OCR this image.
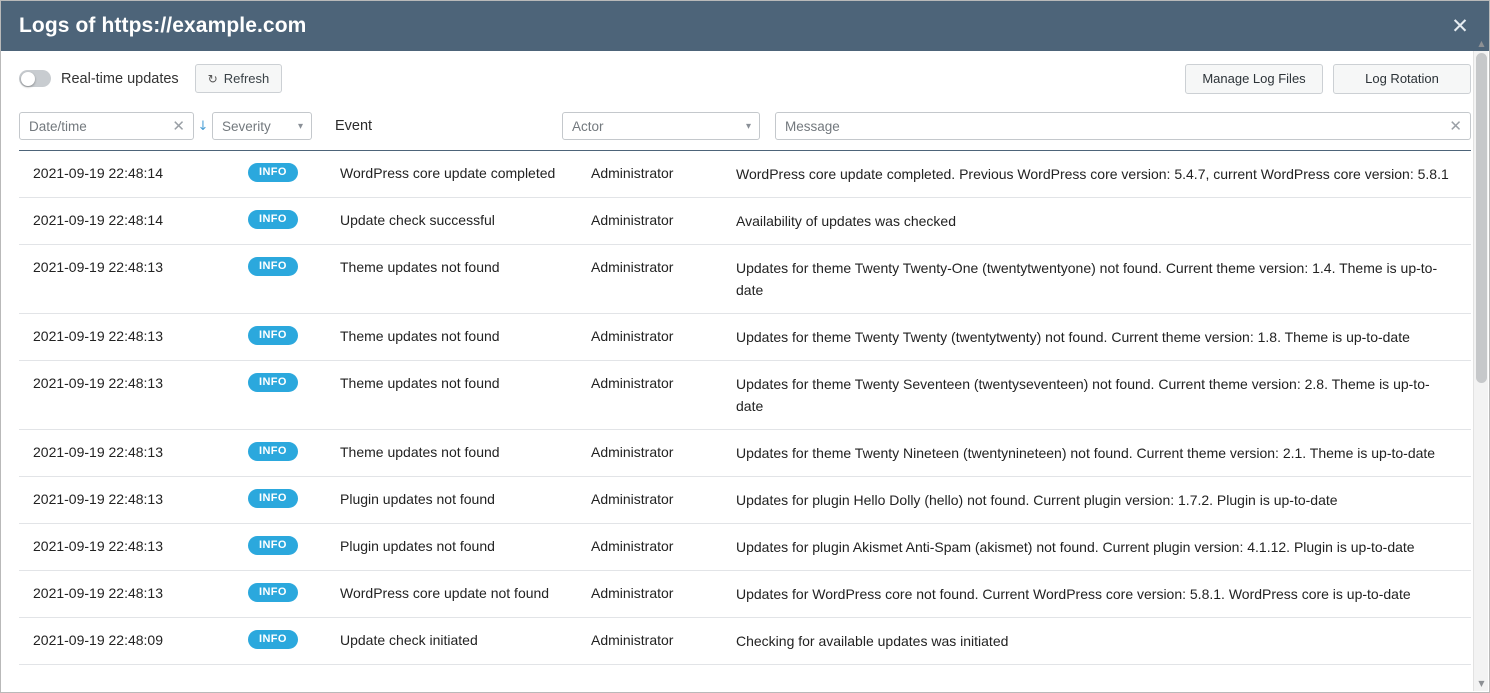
Logs of https://example.com	✕
Real-time updates ↻ Refresh	Manage Log Files	Log Rotation
Date/time	✕ ↓ Severity	▾	Event	Actor	▾	Message	✕
2021-09-19 22:48:14	INFO	WordPress core update completed	Administrator	WordPress core update completed. Previous WordPress core version: 5.4.7, current WordPress core version: 5.8.1
2021-09-19 22:48:14	INFO	Update check successful	Administrator	Availability of updates was checked
2021-09-19 22:48:13	INFO	Theme updates not found	Administrator	Updates for theme Twenty Twenty-One (twentytwentyone) not found. Current theme version: 1.4. Theme is up-to-date
2021-09-19 22:48:13	INFO	Theme updates not found	Administrator	Updates for theme Twenty Twenty (twentytwenty) not found. Current theme version: 1.8. Theme is up-to-date
2021-09-19 22:48:13	INFO	Theme updates not found	Administrator	Updates for theme Twenty Seventeen (twentyseventeen) not found. Current theme version: 2.8. Theme is up-to-date
2021-09-19 22:48:13	INFO	Theme updates not found	Administrator	Updates for theme Twenty Nineteen (twentynineteen) not found. Current theme version: 2.1. Theme is up-to-date
2021-09-19 22:48:13	INFO	Plugin updates not found	Administrator	Updates for plugin Hello Dolly (hello) not found. Current plugin version: 1.7.2. Plugin is up-to-date
2021-09-19 22:48:13	INFO	Plugin updates not found	Administrator	Updates for plugin Akismet Anti-Spam (akismet) not found. Current plugin version: 4.1.12. Plugin is up-to-date
2021-09-19 22:48:13	INFO	WordPress core update not found	Administrator	Updates for WordPress core not found. Current WordPress core version: 5.8.1. WordPress core is up-to-date
2021-09-19 22:48:09	INFO	Update check initiated	Administrator	Checking for available updates was initiated
▲
▼
